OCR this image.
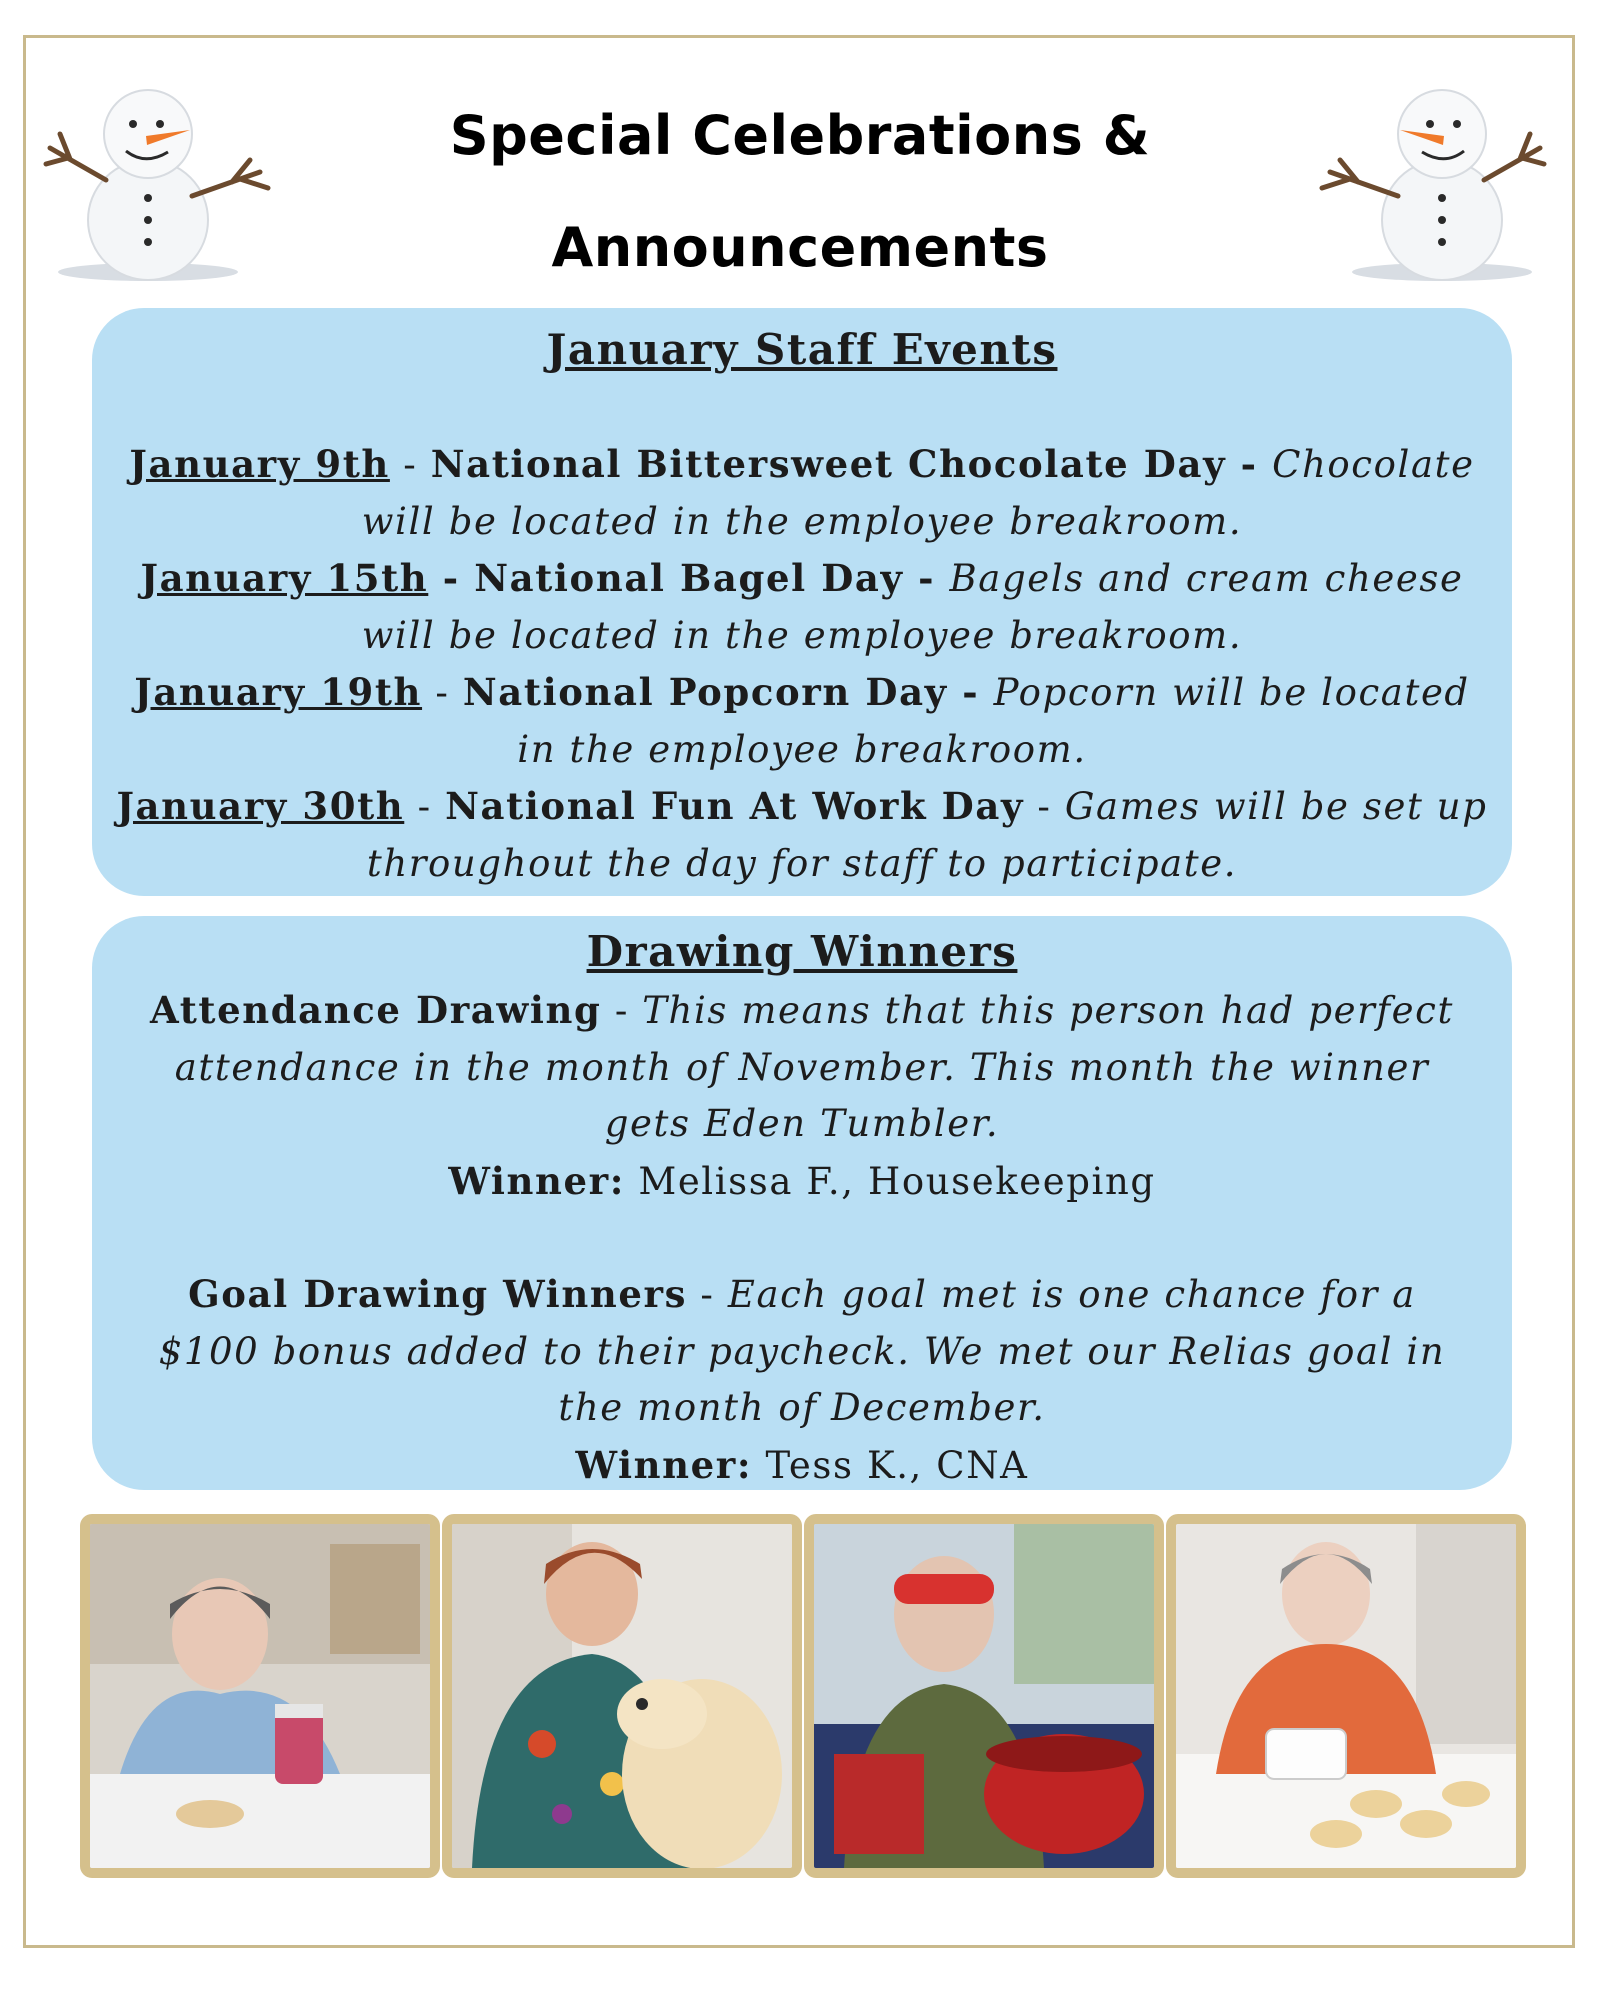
Special Celebrations &
Announcements
January Staff Events
January 9th - National Bittersweet Chocolate Day - Chocolate will be located in the employee breakroom.
January 15th - National Bagel Day - Bagels and cream cheese will be located in the employee breakroom.
January 19th - National Popcorn Day - Popcorn will be located in the employee breakroom.
January 30th - National Fun At Work Day - Games will be set up throughout the day for staff to participate.
Drawing Winners
Attendance Drawing - This means that this person had perfect attendance in the month of November. This month the winner gets Eden Tumbler.
Winner: Melissa F., Housekeeping
Goal Drawing Winners - Each goal met is one chance for a $100 bonus added to their paycheck. We met our Relias goal in the month of December.
Winner: Tess K., CNA
